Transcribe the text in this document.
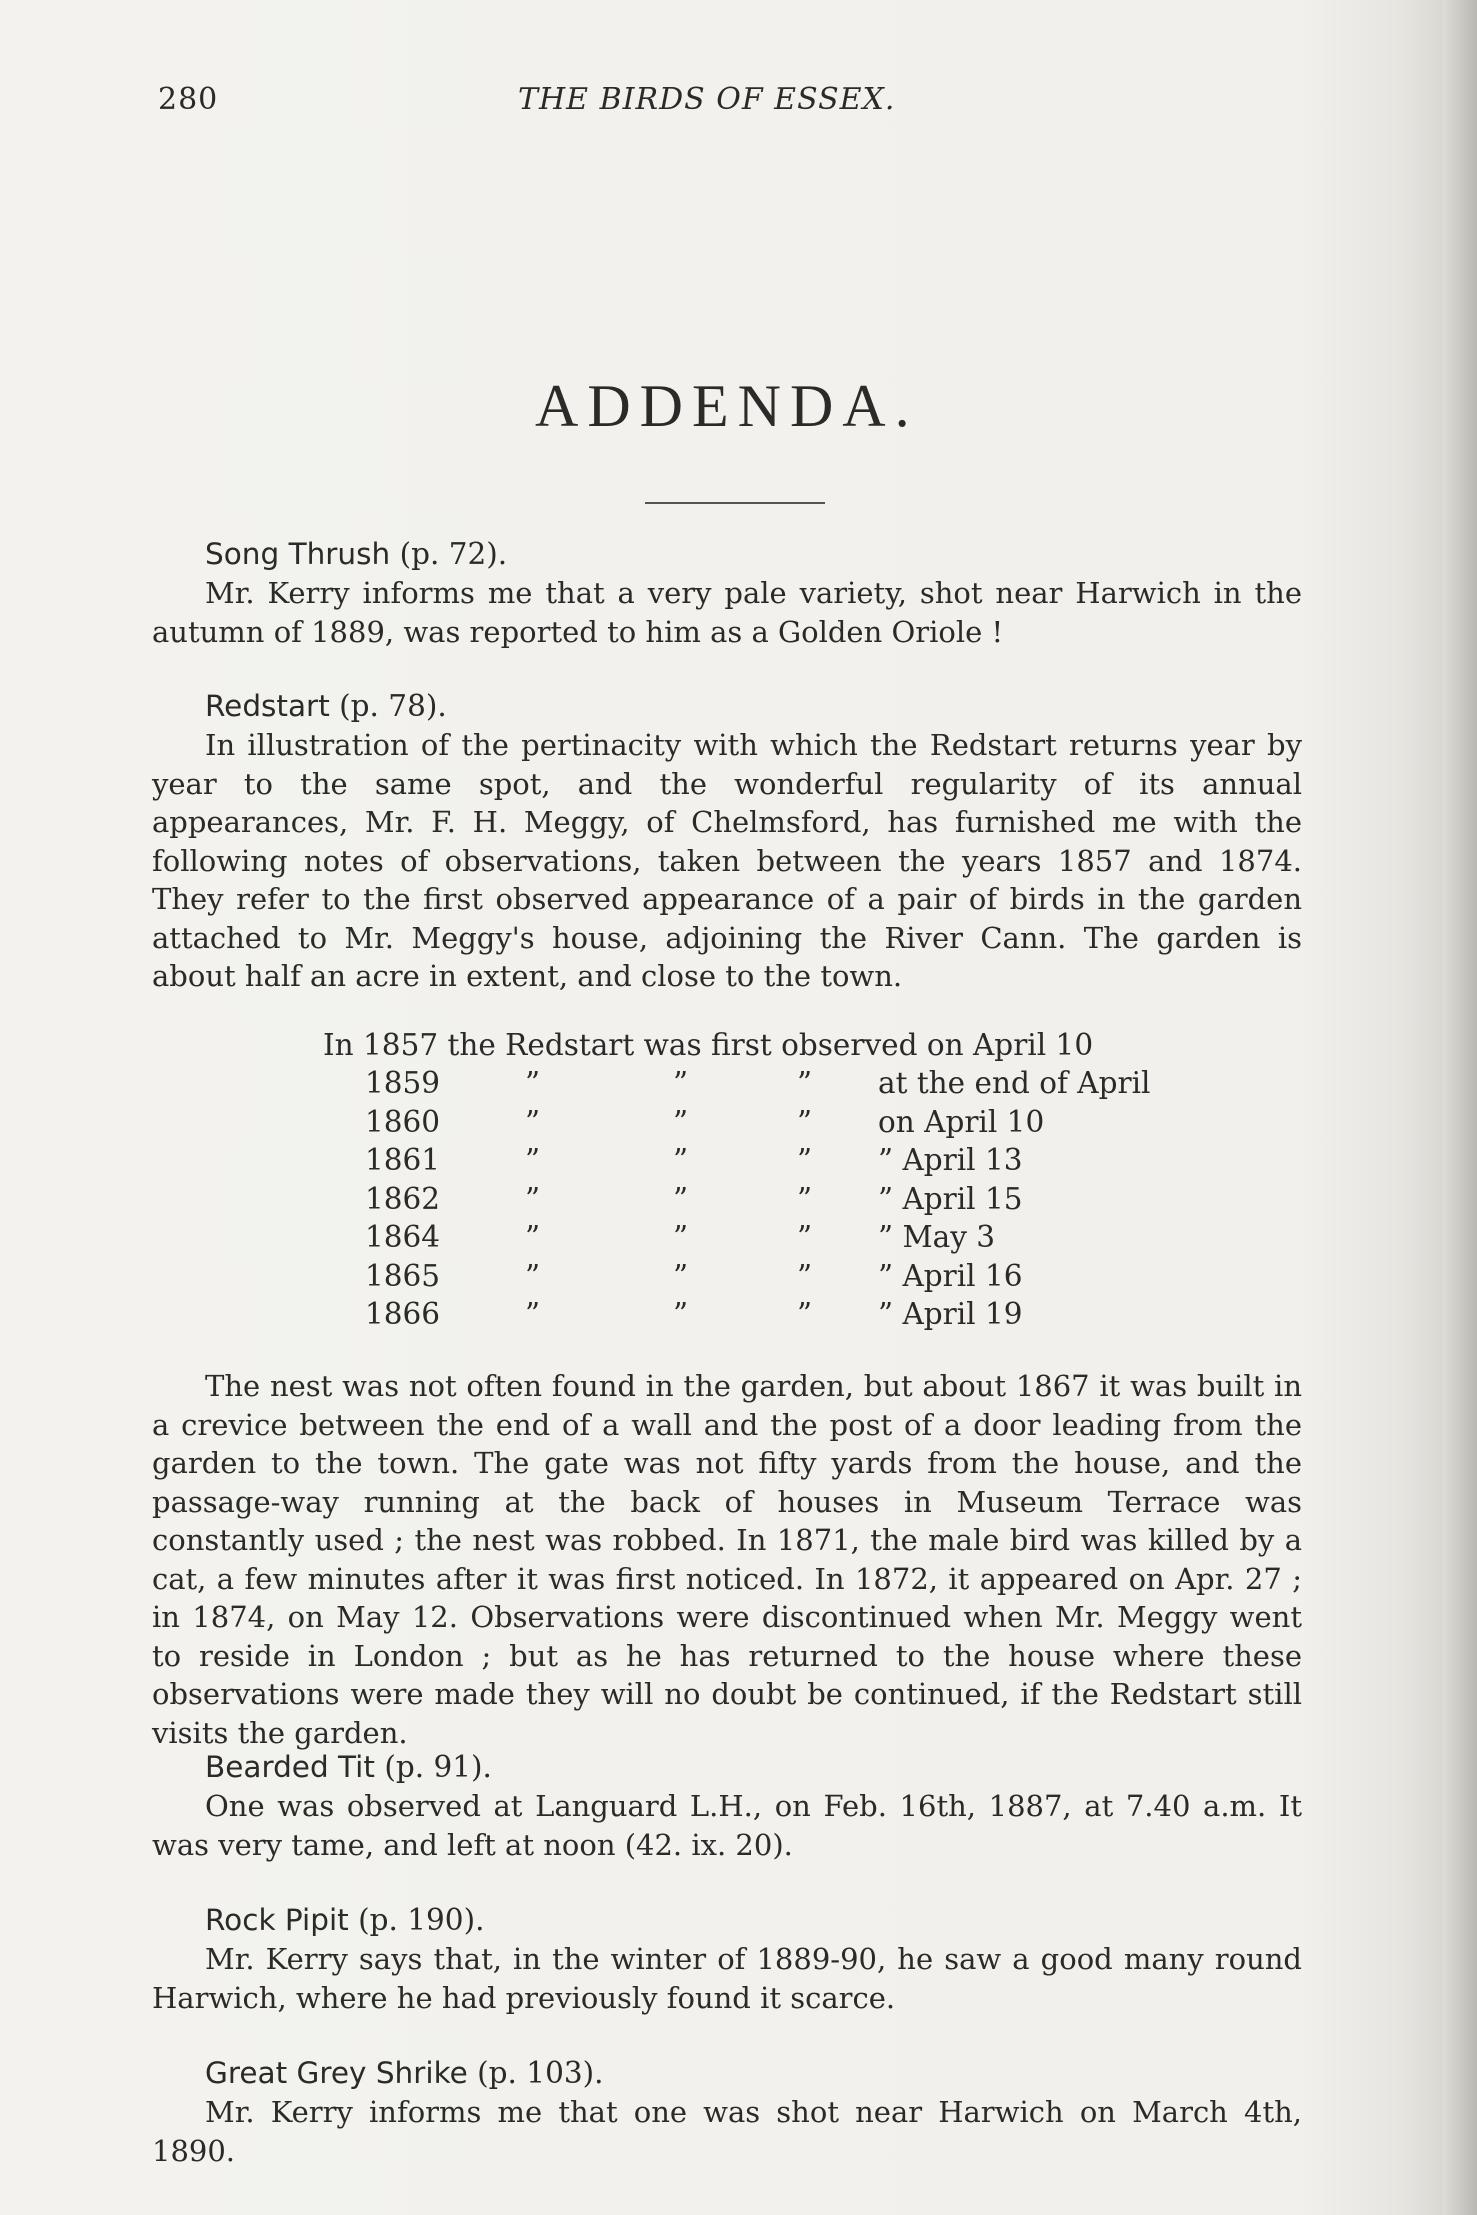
280	THE BIRDS OF ESSEX.
ADDENDA.
Song Thrush (p. 72).
Mr. Kerry informs me that a very pale variety, shot near Harwich in the autumn of 1889, was reported to him as a Golden Oriole !
Redstart (p. 78).
In illustration of the pertinacity with which the Redstart returns year by year to the same spot, and the wonderful regularity of its annual appearances, Mr. F. H. Meggy, of Chelmsford, has furnished me with the following notes of observations, taken between the years 1857 and 1874. They refer to the first observed appearance of a pair of birds in the garden attached to Mr. Meggy's house, adjoining the River Cann. The garden is about half an acre in extent, and close to the town.
In 1857 the Redstart was first observed on April 10
1859	”	”	” at the end of April
1860	”	”	” on April 10
1861	”	”	” ” April 13
1862	”	”	” ” April 15
1864	”	”	” ” May 3
1865	”	”	” ” April 16
1866	”	”	” ” April 19
The nest was not often found in the garden, but about 1867 it was built in a crevice between the end of a wall and the post of a door leading from the garden to the town. The gate was not fifty yards from the house, and the passage-way running at the back of houses in Museum Terrace was constantly used ; the nest was robbed. In 1871, the male bird was killed by a cat, a few minutes after it was first noticed. In 1872, it appeared on Apr. 27 ; in 1874, on May 12. Observations were discontinued when Mr. Meggy went to reside in London ; but as he has returned to the house where these observations were made they will no doubt be continued, if the Redstart still visits the garden.
Bearded Tit (p. 91).
One was observed at Languard L.H., on Feb. 16th, 1887, at 7.40 a.m. It was very tame, and left at noon (42. ix. 20).
Rock Pipit (p. 190).
Mr. Kerry says that, in the winter of 1889-90, he saw a good many round Harwich, where he had previously found it scarce.
Great Grey Shrike (p. 103).
Mr. Kerry informs me that one was shot near Harwich on March 4th, 1890.
